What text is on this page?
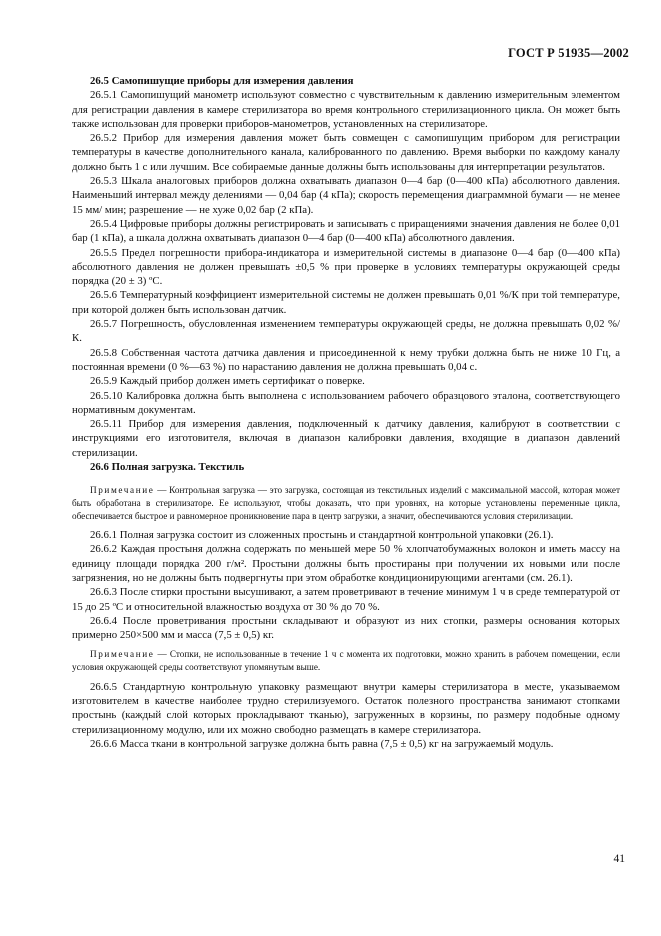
ГОСТ Р 51935—2002
26.5 Самопишущие приборы для измерения давления

26.5.1 Самопишущий манометр используют совместно с чувствительным к давлению измерительным элементом для регистрации давления в камере стерилизатора во время контрольного стерилизационного цикла. Он может быть также использован для проверки приборов-манометров, установленных на стерилизаторе.

26.5.2 Прибор для измерения давления может быть совмещен с самопишущим прибором для регистрации температуры в качестве дополнительного канала, калиброванного по давлению. Время выборки по каждому каналу должно быть 1 с или лучшим. Все собираемые данные должны быть использованы для интерпретации результатов.

26.5.3 Шкала аналоговых приборов должна охватывать диапазон 0—4 бар (0—400 кПа) абсолютного давления. Наименьший интервал между делениями — 0,04 бар (4 кПа); скорость перемещения диаграммной бумаги — не менее 15 мм/ мин; разрешение — не хуже 0,02 бар (2 кПа).

26.5.4 Цифровые приборы должны регистрировать и записывать с приращениями значения давления не более 0,01 бар (1 кПа), а шкала должна охватывать диапазон 0—4 бар (0—400 кПа) абсолютного давления.

26.5.5 Предел погрешности прибора-индикатора и измерительной системы в диапазоне 0—4 бар (0—400 кПа) абсолютного давления не должен превышать ±0,5 % при проверке в условиях температуры окружающей среды порядка (20 ± 3) ºС.

26.5.6 Температурный коэффициент измерительной системы не должен превышать 0,01 %/К при той температуре, при которой должен быть использован датчик.

26.5.7 Погрешность, обусловленная изменением температуры окружающей среды, не должна превышать 0,02 %/К.

26.5.8 Собственная частота датчика давления и присоединенной к нему трубки должна быть не ниже 10 Гц, а постоянная времени (0 %—63 %) по нарастанию давления не должна превышать 0,04 с.

26.5.9 Каждый прибор должен иметь сертификат о поверке.

26.5.10 Калибровка должна быть выполнена с использованием рабочего образцового эталона, соответствующего нормативным документам.

26.5.11 Прибор для измерения давления, подключенный к датчику давления, калибруют в соответствии с инструкциями его изготовителя, включая в диапазон калибровки давления, входящие в диапазон давлений стерилизации.

26.6 Полная загрузка. Текстиль

Примечание — Контрольная загрузка — это загрузка, состоящая из текстильных изделий с максимальной массой, которая может быть обработана в стерилизаторе. Ее используют, чтобы доказать, что при уровнях, на которые установлены переменные цикла, обеспечивается быстрое и равномерное проникновение пара в центр загрузки, а значит, обеспечиваются условия стерилизации.

26.6.1 Полная загрузка состоит из сложенных простынь и стандартной контрольной упаковки (26.1).

26.6.2 Каждая простыня должна содержать по меньшей мере 50 % хлопчатобумажных волокон и иметь массу на единицу площади порядка 200 г/м². Простыни должны быть простираны при получении их новыми или после загрязнения, но не должны быть подвергнуты при этом обработке кондиционирующими агентами (см. 26.1).

26.6.3 После стирки простыни высушивают, а затем проветривают в течение минимум 1 ч в среде температурой от 15 до 25 ºС и относительной влажностью воздуха от 30 % до 70 %.

26.6.4 После проветривания простыни складывают и образуют из них стопки, размеры основания которых примерно 250×500 мм и масса (7,5 ± 0,5) кг.

Примечание — Стопки, не использованные в течение 1 ч с момента их подготовки, можно хранить в рабочем помещении, если условия окружающей среды соответствуют упомянутым выше.

26.6.5 Стандартную контрольную упаковку размещают внутри камеры стерилизатора в месте, указываемом изготовителем в качестве наиболее трудно стерилизуемого. Остаток полезного пространства занимают стопками простынь (каждый слой которых прокладывают тканью), загруженных в корзины, по размеру подобные одному стерилизационному модулю, или их можно свободно размещать в камере стерилизатора.

26.6.6 Масса ткани в контрольной загрузке должна быть равна (7,5 ± 0,5) кг на загружаемый модуль.

41
